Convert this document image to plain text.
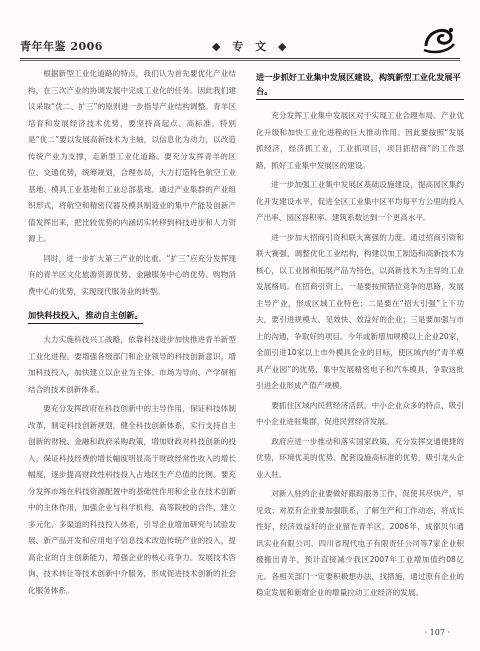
青年年鉴 2006	◆ 专 文 ◆

根据新型工业化道路的特点，我们认为首先要优化产业结构，在三次产业的协调发展中完成工业化的任务。因此我们建议采取“优二、扩三”的原则进一步指导产业结构调整。青羊区培育和发展经济技术优势，要坚持高起点、高标准，特别是“优二”要以发展高新技术为主轴，以信息化为动力，以改造传统产业为支撑，走新型工业化道路。要充分发挥青羊的区位、交通优势，统筹规划，合理布局，大力打造特色航空工业基地、模具工业基地和工业总部基地。通过产业集群的产业组织形式，将航空和精密仪器及模具制造业的集中产能及创新产值发挥出来，把比较优势的内涵切实转移到科技进步和人力资源上。

同时，进一步扩大第三产业的比重。“扩三”应充分发挥现有的青羊区文化旅游资源优势、金融服务中心的优势、购物消费中心的优势，实现现代服务业的转型。

加快科技投入，推动自主创新。

大力实施科技兴工战略，依靠科技进步加快推进青羊新型工业化进程。要增强各级部门和企业领导的科技创新意识，增加科技投入，加快建立以企业为主体、市场为导向、产学研相结合的技术创新体系。

要充分发挥政府在科技创新中的主导作用，保证科技体制改革，制定科技创新规划，健全科技创新体系，实行支持自主创新的财税、金融和政府采购政策，增加财政对科技创新的投入，保证科技经费的增长幅度明显高于财政经常性收入的增长幅度，逐步提高财政性科技投入占地区生产总值的比例。要充分发挥市场在科技资源配置中的基础性作用和企业在技术创新中的主体作用，加强企业与科学机构、高等院校的合作，建立多元化、多渠道的科技投入体系，引导企业增加研究与试验发展、新产品开发和应用电子信息技术改造传统产业的投入，提高企业的自主创新能力，增强企业的核心竞争力。发展技术咨询、技术转让等技术创新中介服务，形成促进技术创新的社会化服务体系。

进一步抓好工业集中发展区建设，构筑新型工业化发展平台。

充分发挥工业集中发展区对于实现工业合理布局、产业优化升级和加快工业化进程的巨大推动作用。因此要按照“发展抓经济，经济抓工业，工业抓项目，项目抓招商”的工作思路，抓好工业集中发展区的建设。

进一步加强工业集中发展区基础设施建设，提高园区集约化开发建设水平，促进全区工业集中区平均每平方公里的投入产出率、园区容积率、建筑系数达到一个更高水平。

进一步加大招商引资和联大赛强的力度。通过招商引资和联大赛强，调整优化工业结构，构建以加工制造和高新技术为核心，以工业园和拓展产品为特色，以高新技术为主导的工业发展格局。在招商引资上，一是要按照错位竞争的思路，发展主导产业，形成区域工业特色；二是要在“招大引强”上下功夫，要引进规模大、见效快、效益好的企业；三是要加强与市上的沟通，争取好的项目。今年或新增加规模以上企业20家，全面引进10家以上市外模具企业的目标，使区域内的“青羊模具产业园”的优势，集中发展精密电子和汽车模具，争取这批引进企业形成产值产规模。

要抓住区域内民营经济活跃，中小企业众多的特点，吸引中小企业进驻集群，促进民营经济发展。

政府应进一步推动和落实国家政策，充分发挥交通便捷的优势，环境优美的优势、配套设施高标准的优势，吸引龙头企业入驻。

对新入驻的企业要做好跟踪服务工作，促使其尽快产，早见效；对原有企业要加强联系，了解生产和工作动态，将成长性好、经济效益好的企业留在青羊区。2006年，成都贝尔通讯实业有限公司、四川省现代电子有限责任公司等7家企业积极搬出青羊，预计直接减少我区2007年工业增加值约08亿元。各相关部门一定要积极想办法，找措施，通过原有企业的稳定发展和新增企业的增量拉动工业经济的发展。

· 107 ·
